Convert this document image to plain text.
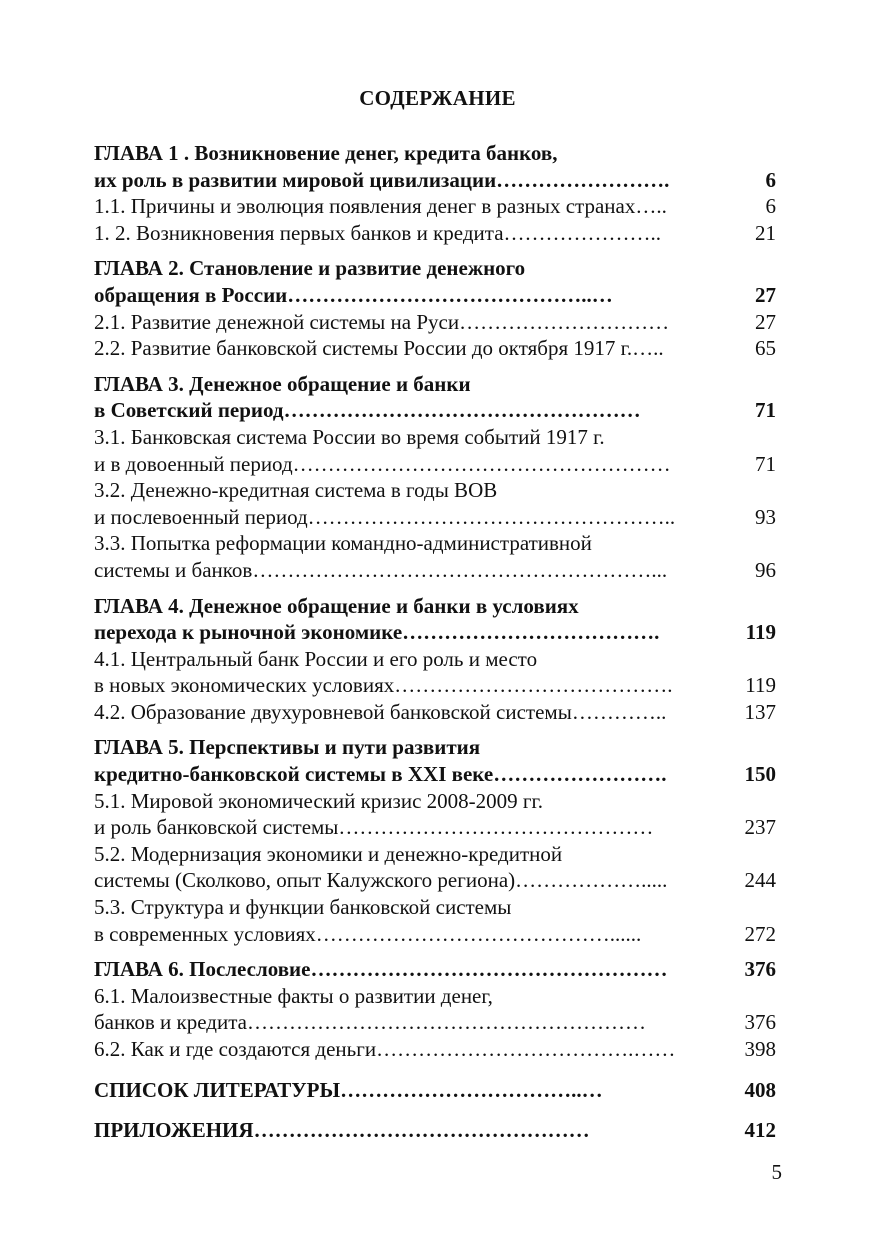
СОДЕРЖАНИЕ
ГЛАВА 1 . Возникновение денег, кредита банков,
их роль в развитии мировой цивилизации …………………….	6
1.1. Причины и эволюция появления денег в разных странах …..	6
1. 2. Возникновения первых банков и кредита …………………..	21
ГЛАВА 2. Становление и развитие денежного
обращения в России ……………………………………..…	27
2.1. Развитие денежной системы на Руси …………………………	27
2.2. Развитие банковской системы России до октября 1917 г. …..	65
ГЛАВА 3. Денежное обращение и банки
в Советский период ……………………………………………	71
3.1. Банковская система России во время событий 1917 г.
и в довоенный период ………………………………………………	71
3.2. Денежно-кредитная система в годы ВОВ
и послевоенный период ……………………………………………..	93
3.3. Попытка реформации командно-административной
системы и банков …………………………………………………...	96
ГЛАВА 4. Денежное обращение и банки в условиях
перехода к рыночной экономике ……………………………….	119
4.1. Центральный банк России и его роль и место
в новых экономических условиях ………………………………….	119
4.2. Образование двухуровневой банковской системы …………..	137
ГЛАВА 5. Перспективы и пути развития
кредитно-банковской системы в XXI веке …………………….	150
5.1. Мировой экономический кризис 2008-2009 гг.
и роль банковской системы ………………………………………	237
5.2. Модернизация экономики и денежно-кредитной
системы (Сколково, опыт Калужского региона) ……………….....	244
5.3. Структура и функции банковской системы
в современных условиях ……………………………………......	272
ГЛАВА 6. Послесловие ……………………………………………	376
6.1. Малоизвестные факты о развитии денег,
банков и кредита …………………………………………………	376
6.2. Как и где создаются деньги ……………………………….……	398
СПИСОК ЛИТЕРАТУРЫ ……………………………..…	408
ПРИЛОЖЕНИЯ …………………………………………	412
5
